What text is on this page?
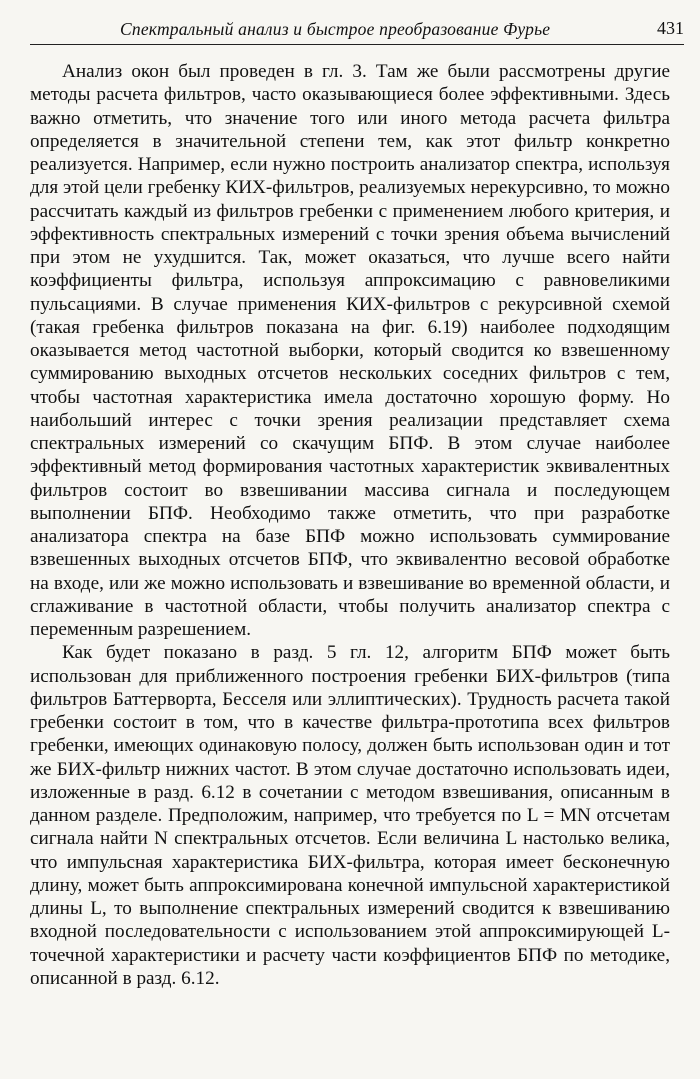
Спектральный анализ и быстрое преобразование Фурье	431

Анализ окон был проведен в гл. 3. Там же были рассмотрены другие методы расчета фильтров, часто оказывающиеся более эффективными. Здесь важно отметить, что значение того или иного метода расчета фильтра определяется в значительной степени тем, как этот фильтр конкретно реализуется. Например, если нужно построить анализатор спектра, используя для этой цели гребенку КИХ-фильтров, реализуемых нерекурсивно, то можно рассчитать каждый из фильтров гребенки с применением любого критерия, и эффективность спектральных измерений с точки зрения объема вычислений при этом не ухудшится. Так, может оказаться, что лучше всего найти коэффициенты фильтра, используя аппроксимацию с равновеликими пульсациями. В случае применения КИХ-фильтров с рекурсивной схемой (такая гребенка фильтров показана на фиг. 6.19) наиболее подходящим оказывается метод частотной выборки, который сводится ко взвешенному суммированию выходных отсчетов нескольких соседних фильтров с тем, чтобы частотная характеристика имела достаточно хорошую форму. Но наибольший интерес с точки зрения реализации представляет схема спектральных измерений со скачущим БПФ. В этом случае наиболее эффективный метод формирования частотных характеристик эквивалентных фильтров состоит во взвешивании массива сигнала и последующем выполнении БПФ. Необходимо также отметить, что при разработке анализатора спектра на базе БПФ можно использовать суммирование взвешенных выходных отсчетов БПФ, что эквивалентно весовой обработке на входе, или же можно использовать и взвешивание во временной области, и сглаживание в частотной области, чтобы получить анализатор спектра с переменным разрешением.

Как будет показано в разд. 5 гл. 12, алгоритм БПФ может быть использован для приближенного построения гребенки БИХ-фильтров (типа фильтров Баттерворта, Бесселя или эллиптических). Трудность расчета такой гребенки состоит в том, что в качестве фильтра-прототипа всех фильтров гребенки, имеющих одинаковую полосу, должен быть использован один и тот же БИХ-фильтр нижних частот. В этом случае достаточно использовать идеи, изложенные в разд. 6.12 в сочетании с методом взвешивания, описанным в данном разделе. Предположим, например, что требуется по L = MN отсчетам сигнала найти N спектральных отсчетов. Если величина L настолько велика, что импульсная характеристика БИХ-фильтра, которая имеет бесконечную длину, может быть аппроксимирована конечной импульсной характеристикой длины L, то выполнение спектральных измерений сводится к взвешиванию входной последовательности с использованием этой аппроксимирующей L-точечной характеристики и расчету части коэффициентов БПФ по методике, описанной в разд. 6.12.
